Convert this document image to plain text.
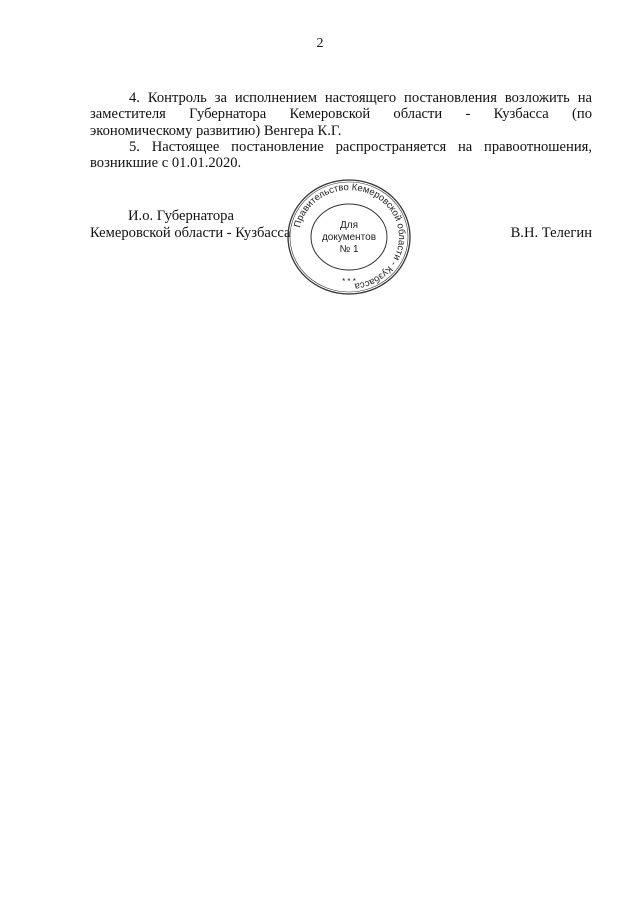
2
4. Контроль за исполнением настоящего постановления возложить на
заместителя Губернатора Кемеровской области - Кузбасса (по
экономическому развитию) Венгера К.Г.
5. Настоящее постановление распространяется на правоотношения,
возникшие с 01.01.2020.
И.о. Губернатора
Кемеровской области - Кузбасса	В.Н. Телегин
Правительство Кемеровской области - Кузбасса
Для
документов
№ 1
* * *
